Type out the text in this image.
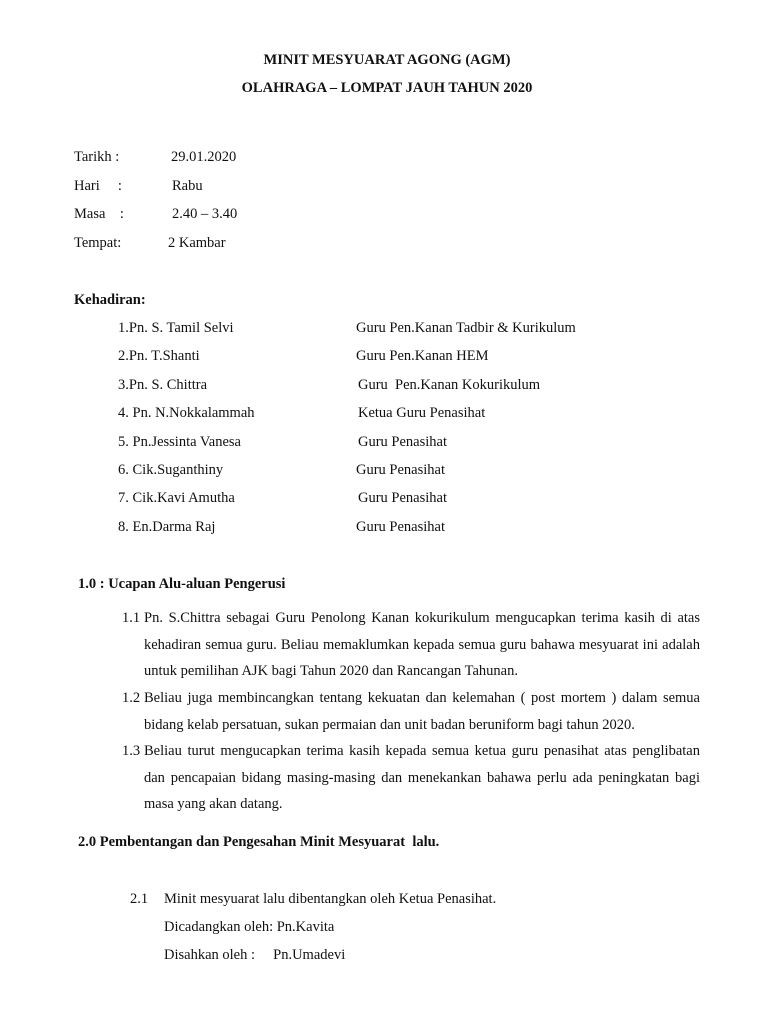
MINIT MESYUARAT AGONG (AGM)
OLAHRAGA – LOMPAT JAUH TAHUN 2020
Tarikh :	29.01.2020
Hari     :	Rabu
Masa    :	2.40 – 3.40
Tempat:	2 Kambar
Kehadiran:
1.Pn. S. Tamil Selvi	Guru Pen.Kanan Tadbir & Kurikulum
2.Pn. T.Shanti	Guru Pen.Kanan HEM
3.Pn. S. Chittra	Guru  Pen.Kanan Kokurikulum
4. Pn. N.Nokkalammah	Ketua Guru Penasihat
5. Pn.Jessinta Vanesa	Guru Penasihat
6. Cik.Suganthiny	Guru Penasihat
7. Cik.Kavi Amutha	Guru Penasihat
8. En.Darma Raj	Guru Penasihat
1.0 : Ucapan Alu-aluan Pengerusi
1.1 Pn. S.Chittra sebagai Guru Penolong Kanan kokurikulum mengucapkan terima kasih di atas kehadiran semua guru. Beliau memaklumkan kepada semua guru bahawa mesyuarat ini adalah untuk pemilihan AJK bagi Tahun 2020 dan Rancangan Tahunan.
1.2 Beliau juga membincangkan tentang kekuatan dan kelemahan ( post mortem ) dalam semua bidang kelab persatuan, sukan permaian dan unit badan beruniform bagi tahun 2020.
1.3 Beliau turut mengucapkan terima kasih kepada semua ketua guru penasihat atas penglibatan dan pencapaian bidang masing-masing dan menekankan bahawa perlu ada peningkatan bagi masa yang akan datang.
2.0 Pembentangan dan Pengesahan Minit Mesyuarat  lalu.
2.1 Minit mesyuarat lalu dibentangkan oleh Ketua Penasihat.
Dicadangkan oleh: Pn.Kavita
Disahkan oleh :     Pn.Umadevi
